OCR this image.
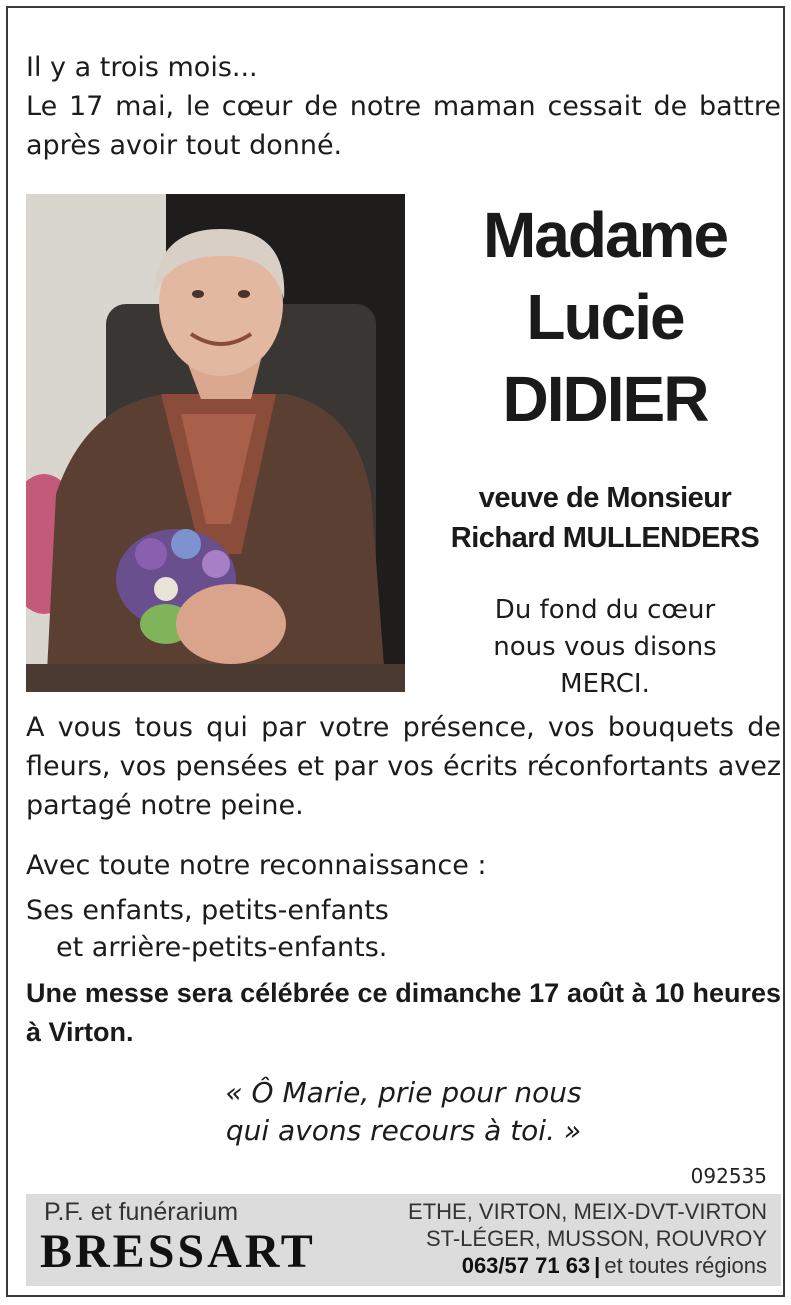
Il y a trois mois...

Le 17 mai, le cœur de notre maman cessait de battre après avoir tout donné.

Madame
Lucie
DIDIER
veuve de Monsieur
Richard MULLENDERS
Du fond du cœur
nous vous disons
MERCI.
A vous tous qui par votre présence, vos bouquets de fleurs, vos pensées et par vos écrits réconfortants avez partagé notre peine.
Avec toute notre reconnaissance :
Ses enfants, petits-enfants
et arrière-petits-enfants.
Une messe sera célébrée ce dimanche 17 août à 10 heures à Virton.
« Ô Marie, prie pour nous
qui avons recours à toi. »
092535
P.F. et funérarium
BRESSART
ETHE, VIRTON, MEIX-DVT-VIRTON
ST-LÉGER, MUSSON, ROUVROY
063/57 71 63 | et toutes régions
